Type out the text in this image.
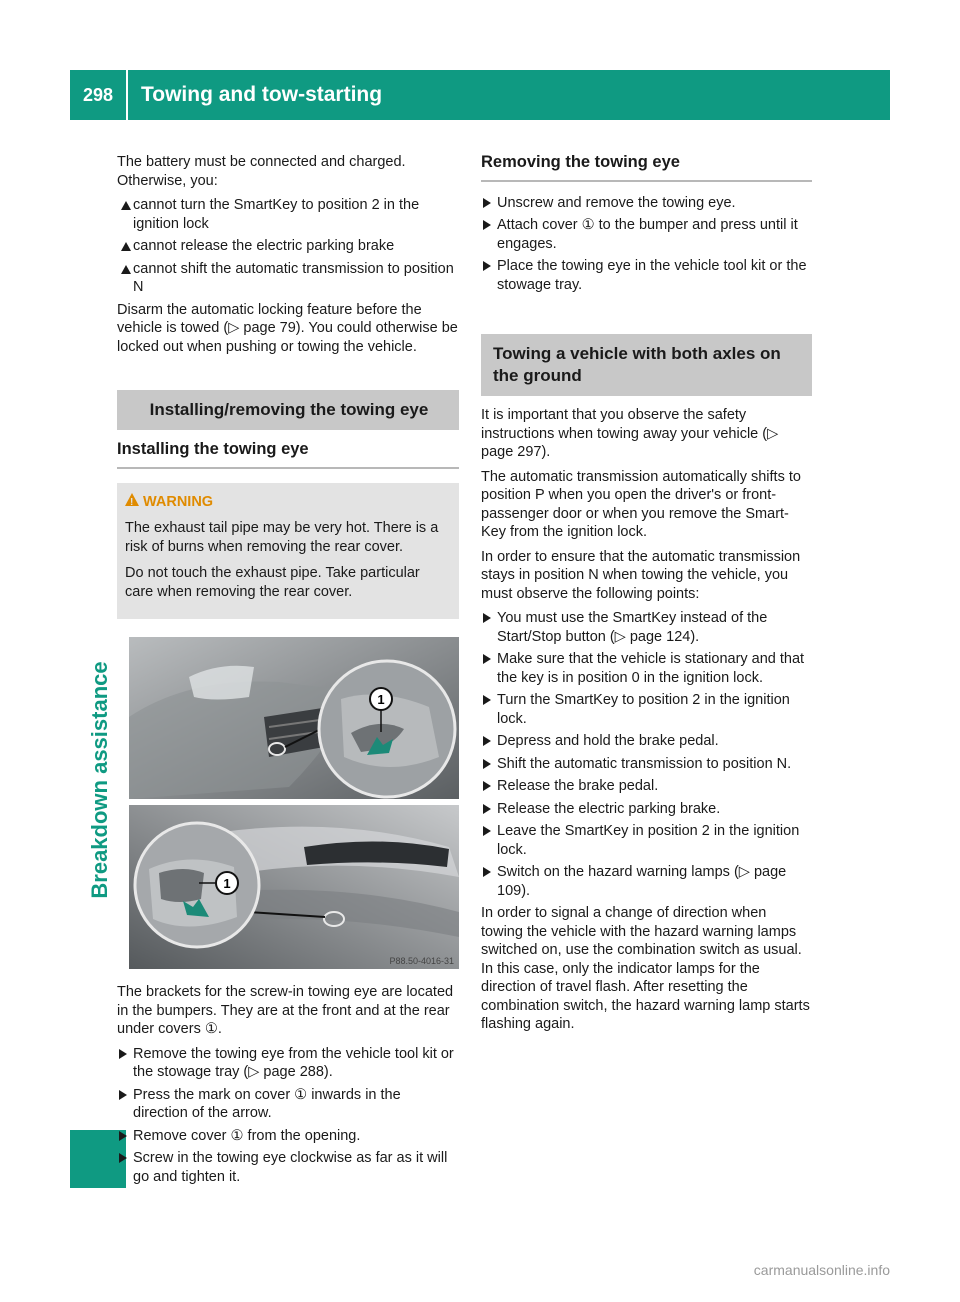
298	Towing and tow-starting
Breakdown assistance

The battery must be connected and charged. Otherwise, you:

cannot turn the SmartKey to position 2 in the ignition lock
cannot release the electric parking brake
cannot shift the automatic transmission to position N

Disarm the automatic locking feature before the vehicle is towed (▷ page 79). You could otherwise be locked out when pushing or towing the vehicle.

Installing/removing the towing eye
Installing the towing eye
!
WARNING

The exhaust tail pipe may be very hot. There is a risk of burns when removing the rear cover.

Do not touch the exhaust pipe. Take particular care when removing the rear cover.

1
1
P88.50-4016-31

The brackets for the screw-in towing eye are located in the bumpers. They are at the front and at the rear under covers ①.

Remove the towing eye from the vehicle tool kit or the stowage tray (▷ page 288).
Press the mark on cover ① inwards in the direction of the arrow.
Remove cover ① from the opening.
Screw in the towing eye clockwise as far as it will go and tighten it.
Removing the towing eye
Unscrew and remove the towing eye.
Attach cover ① to the bumper and press until it engages.
Place the towing eye in the vehicle tool kit or the stowage tray.
Towing a vehicle with both axles on the ground

It is important that you observe the safety instructions when towing away your vehicle (▷ page 297).

The automatic transmission automatically shifts to position P when you open the driver's or front-passenger door or when you remove the Smart-Key from the ignition lock.

In order to ensure that the automatic transmission stays in position N when towing the vehicle, you must observe the following points:

You must use the SmartKey instead of the Start/Stop button (▷ page 124).
Make sure that the vehicle is stationary and that the key is in position 0 in the ignition lock.
Turn the SmartKey to position 2 in the ignition lock.
Depress and hold the brake pedal.
Shift the automatic transmission to position N.
Release the brake pedal.
Release the electric parking brake.
Leave the SmartKey in position 2 in the ignition lock.
Switch on the hazard warning lamps (▷ page 109).

In order to signal a change of direction when towing the vehicle with the hazard warning lamps switched on, use the combination switch as usual. In this case, only the indicator lamps for the direction of travel flash. After resetting the combination switch, the hazard warning lamp starts flashing again.

carmanualsonline.info
